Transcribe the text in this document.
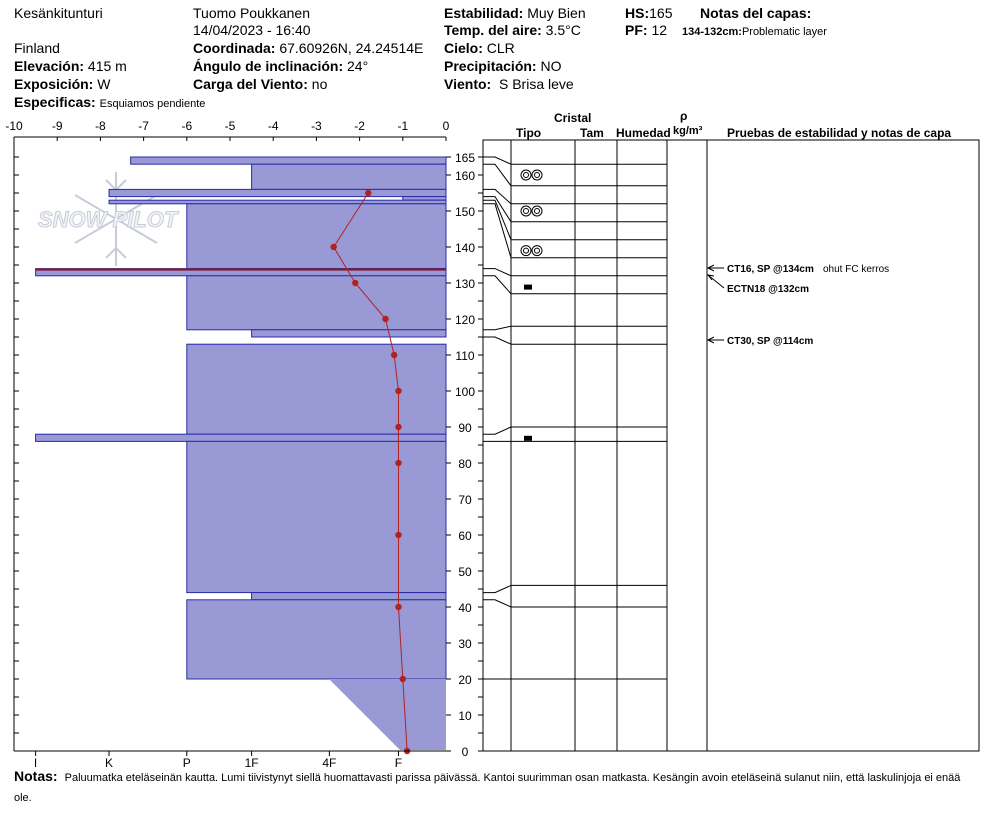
Kesänkitunturi	Tuomo Poukkanen
14/04/2023 - 16:40
Finland
Elevación: 415 m
Exposición: W
Especificas: Esquiamos pendiente
Coordinada: 67.60926N, 24.24514E
Ángulo de inclinación: 24°
Carga del Viento: no
Estabilidad: Muy Bien
Temp. del aire: 3.5°C
Cielo: CLR
Precipitación: NO
Viento: S Brisa leve
HS:165
PF: 12
Notas del capas:
134-132cm:Problematic layer
SNOW PILOT
-10 -9	-8	-7	-6	-5	-4	-3	-2	-1	0
I	K	P	1F	4F	F
165
160
150
140
130
120
110
100
90
80
70
60
50
40
30
20
10
0
Cristal
Tipo	Tam Humedad
ρ
kg/m³ Pruebas de estabilidad y notas de capa
CT16, SP @134cm ohut FC kerros
ECTN18 @132cm
CT30, SP @114cm
Notas: Paluumatka eteläseinän kautta. Lumi tiivistynyt siellä huomattavasti parissa päivässä. Kantoi suurimman osan matkasta. Kesängin avoin eteläseinä sulanut niin, että laskulinjoja ei enää ole.
